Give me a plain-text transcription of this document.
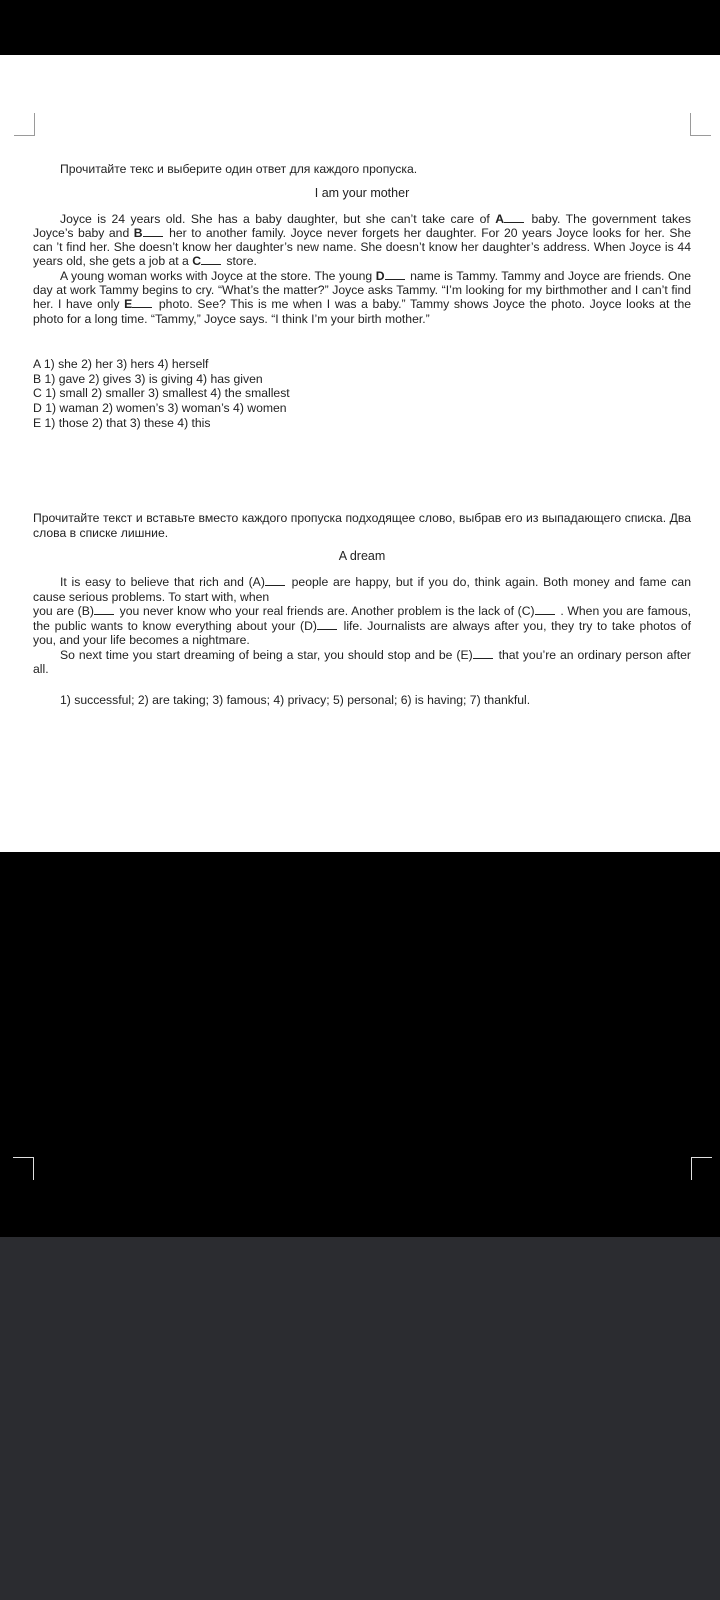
Прочитайте текс и выберите один ответ для каждого пропуска.

I am your mother

Joyce is 24 years old. She has a baby daughter, but she can’t take care of A baby. The government takes Joyce’s baby and B her to another family. Joyce never forgets her daughter. For 20 years Joyce looks for her. She can ’t find her. She doesn’t know her daughter’s new name. She doesn’t know her daughter’s address. When Joyce is 44 years old, she gets a job at a C store.

A young woman works with Joyce at the store. The young D name is Tammy. Tammy and Joyce are friends. One day at work Tammy begins to cry. “What’s the matter?” Joyce asks Tammy. “I’m looking for my birthmother and I can’t find her. I have only E photo. See? This is me when I was a baby.” Tammy shows Joyce the photo. Joyce looks at the photo for a long time. “Tammy,” Joyce says. “I think I’m your birth mother.”

A 1) she 2) her 3) hers 4) herself

B 1) gave 2) gives 3) is giving 4) has given

C 1) small 2) smaller 3) smallest 4) the smallest

D 1) waman 2) women’s 3) woman’s 4) women

E 1) those 2) that 3) these 4) this

Прочитайте текст и вставьте вместо каждого пропуска подходящее слово, выбрав его из выпадающего списка. Два слова в списке лишние.

A dream

It is easy to believe that rich and (A) people are happy, but if you do, think again. Both money and fame can cause serious problems. To start with, when

you are (B) you never know who your real friends are. Another problem is the lack of (C) . When you are famous, the public wants to know everything about your (D) life. Journalists are always after you, they try to take photos of you, and your life becomes a nightmare.

So next time you start dreaming of being a star, you should stop and be (E) that you’re an ordinary person after all.

1) successful; 2) are taking; 3) famous; 4) privacy; 5) personal; 6) is having; 7) thankful.
